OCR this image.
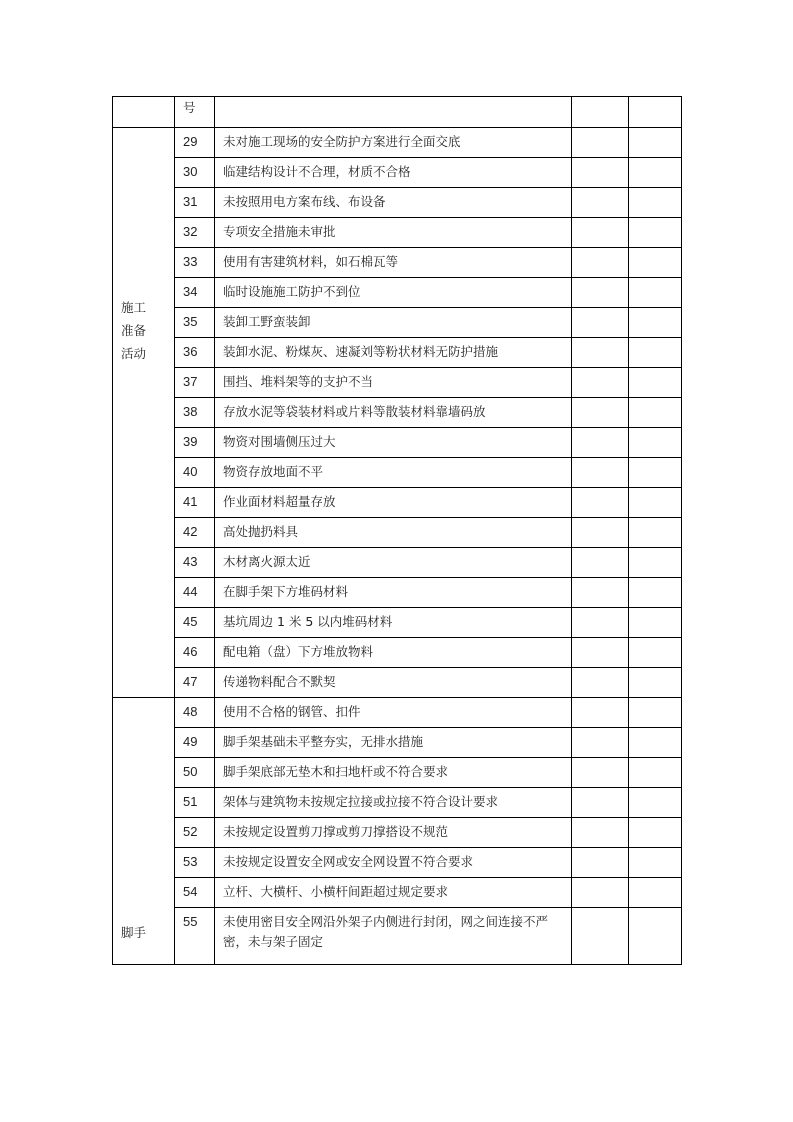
	号			

施工
准备
活动	29	未对施工现场的安全防护方案进行全面交底		
	30	临建结构设计不合理，材质不合格		
	31	未按照用电方案布线、布设备		
	32	专项安全措施未审批		
	33	使用有害建筑材料，如石棉瓦等		
	34	临时设施施工防护不到位		
	35	装卸工野蛮装卸		
	36	装卸水泥、粉煤灰、速凝刘等粉状材料无防护措施		
	37	围挡、堆料架等的支护不当		
	38	存放水泥等袋装材料或片料等散装材料靠墙码放		
	39	物资对围墙侧压过大		
	40	物资存放地面不平		
	41	作业面材料超量存放		
	42	高处抛扔料具		
	43	木材离火源太近		
	44	在脚手架下方堆码材料		
	45	基坑周边 1 米 5 以内堆码材料		
	46	配电箱（盘）下方堆放物料		
	47	传递物料配合不默契		

脚手	48	使用不合格的钢管、扣件		
	49	脚手架基础未平整夯实，无排水措施		
	50	脚手架底部无垫木和扫地杆或不符合要求		
	51	架体与建筑物未按规定拉接或拉接不符合设计要求		
	52	未按规定设置剪刀撑或剪刀撑搭设不规范		
	53	未按规定设置安全网或安全网设置不符合要求		
	54	立杆、大横杆、小横杆间距超过规定要求		
	55	未使用密目安全网沿外架子内侧进行封闭，网之间连接不严密，未与架子固定		
